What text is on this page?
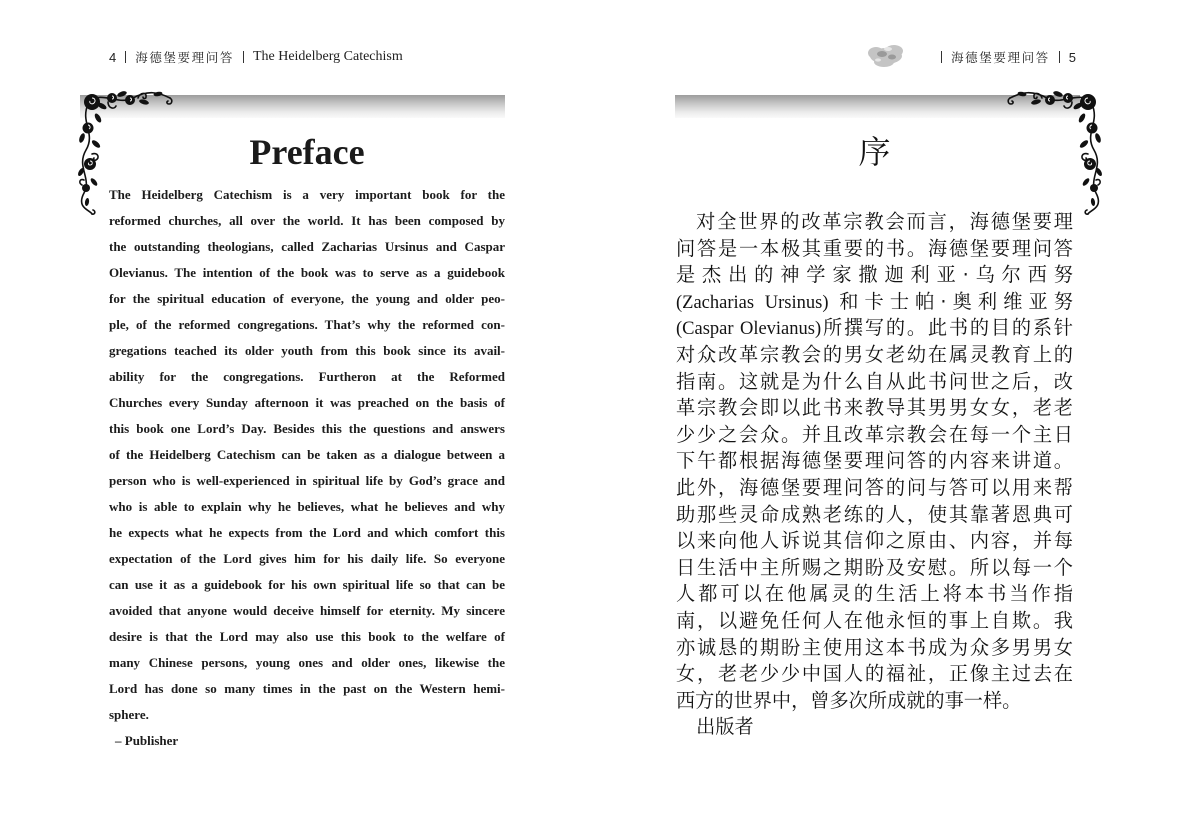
4 海德堡要理问答 The Heidelberg Catechism
Preface
The Heidelberg Catechism is a very important book for the
reformed churches, all over the world. It has been composed by
the outstanding theologians, called Zacharias Ursinus and Caspar
Olevianus. The intention of the book was to serve as a guidebook
for the spiritual education of everyone, the young and older peo-
ple, of the reformed congregations. That’s why the reformed con-
gregations teached its older youth from this book since its avail-
ability for the congregations. Furtheron at the Reformed
Churches every Sunday afternoon it was preached on the basis of
this book one Lord’s Day. Besides this the questions and answers
of the Heidelberg Catechism can be taken as a dialogue between a
person who is well-experienced in spiritual life by God’s grace and
who is able to explain why he believes, what he believes and why
he expects what he expects from the Lord and which comfort this
expectation of the Lord gives him for his daily life. So everyone
can use it as a guidebook for his own spiritual life so that can be
avoided that anyone would deceive himself for eternity. My sincere
desire is that the Lord may also use this book to the welfare of
many Chinese persons, young ones and older ones, likewise the
Lord has done so many times in the past on the Western hemi-
sphere.
– Publisher
海德堡要理问答 5
序
对全世界的改革宗教会而言，海德堡要理
问答是一本极其重要的书。海德堡要理问答
是杰出的神学家撒迦利亚·乌尔西努
(Zacharias Ursinus) 和卡士帕·奥利维亚努
(Caspar Olevianus)所撰写的。此书的目的系针
对众改革宗教会的男女老幼在属灵教育上的
指南。这就是为什么自从此书问世之后，改
革宗教会即以此书来教导其男男女女，老老
少少之会众。并且改革宗教会在每一个主日
下午都根据海德堡要理问答的内容来讲道。
此外，海德堡要理问答的问与答可以用来帮
助那些灵命成熟老练的人，使其靠著恩典可
以来向他人诉说其信仰之原由、内容，并每
日生活中主所赐之期盼及安慰。所以每一个
人都可以在他属灵的生活上将本书当作指
南，以避免任何人在他永恒的事上自欺。我
亦诚恳的期盼主使用这本书成为众多男男女
女，老老少少中国人的福祉，正像主过去在
西方的世界中，曾多次所成就的事一样。
出版者
